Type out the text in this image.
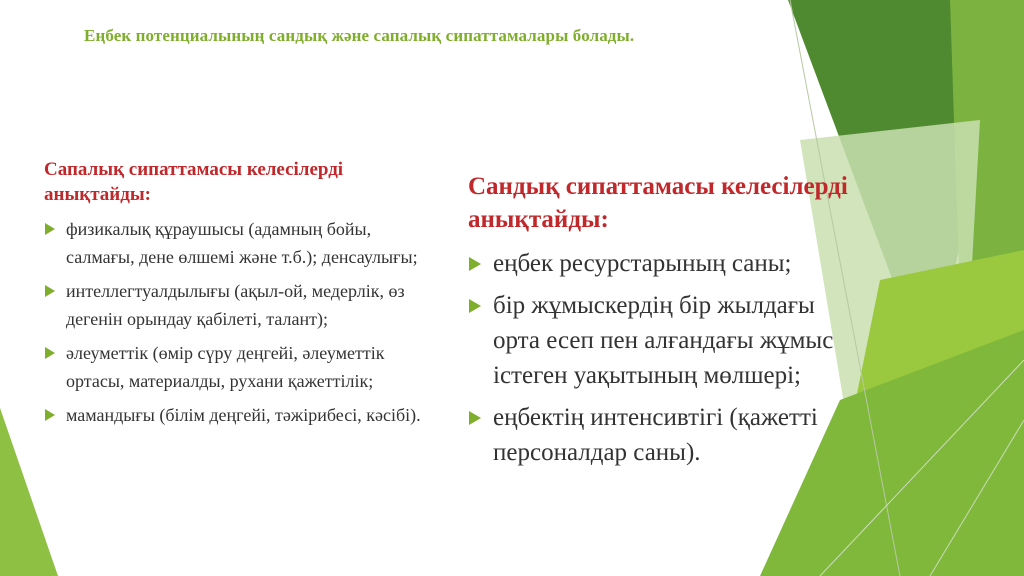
Еңбек потенциалының сандық және сапалық сипаттамалары болады.
Сапалық сипаттамасы келесілерді анықтайды:
физикалық құраушысы (адамның бойы, салмағы, дене өлшемі және т.б.); денсаулығы;
интеллегтуалдылығы (ақыл-ой, медерлік, өз дегенін орындау қабілеті, талант);
әлеуметтік (өмір сүру деңгейі, әлеуметтік ортасы, материалды, рухани қажеттілік;
мамандығы (білім деңгейі, тәжірибесі, кәсібі).
Сандық сипаттамасы келесілерді анықтайды:
еңбек ресурстарының саны;
бір жұмыскердің бір жылдағы орта есеп пен алғандағы жұмыс істеген уақытының мөлшері;
еңбектің интенсивтігі (қажетті персоналдар саны).
